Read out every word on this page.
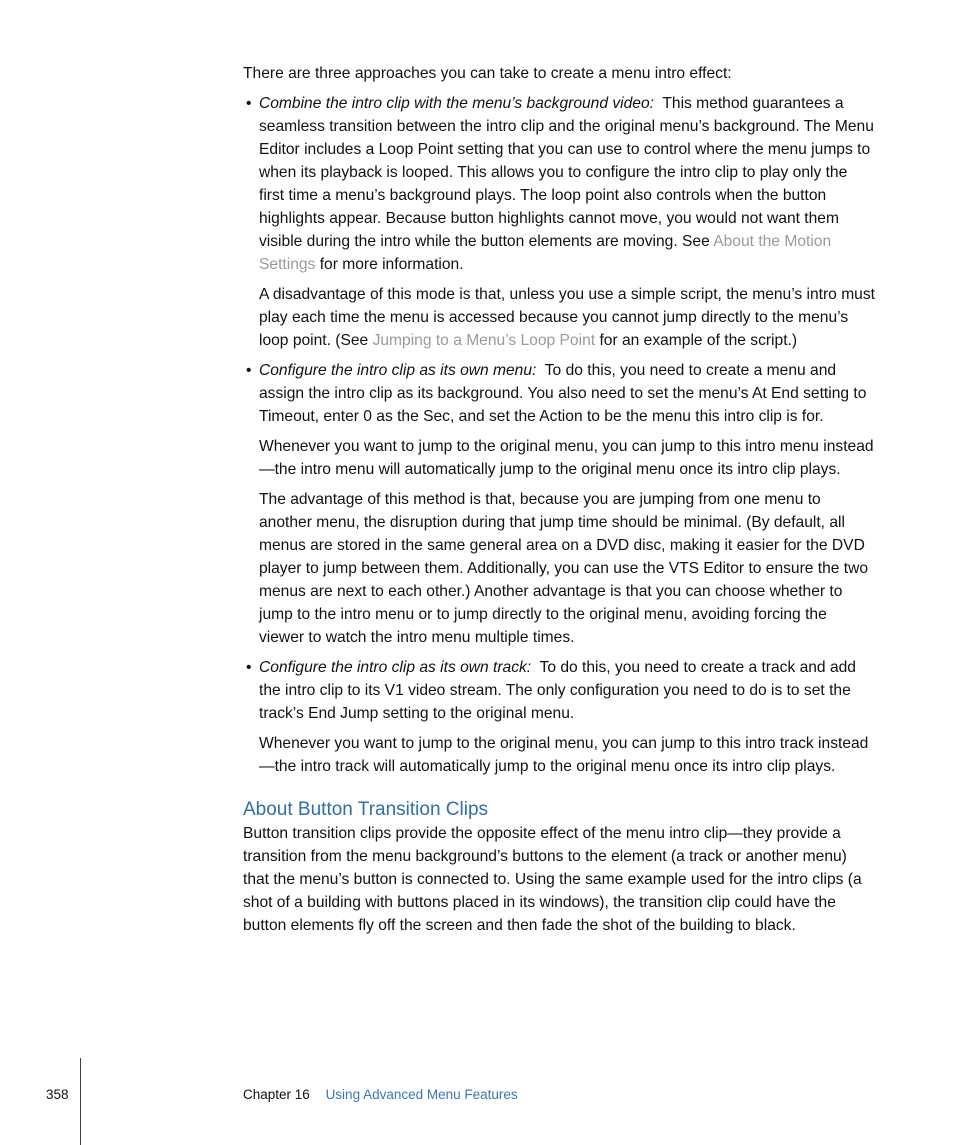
There are three approaches you can take to create a menu intro effect:

• Combine the intro clip with the menu’s background video: This method guarantees a seamless transition between the intro clip and the original menu’s background. The Menu Editor includes a Loop Point setting that you can use to control where the menu jumps to when its playback is looped. This allows you to configure the intro clip to play only the first time a menu’s background plays. The loop point also controls when the button highlights appear. Because button highlights cannot move, you would not want them visible during the intro while the button elements are moving. See About the Motion Settings for more information.

A disadvantage of this mode is that, unless you use a simple script, the menu’s intro must play each time the menu is accessed because you cannot jump directly to the menu’s loop point. (See Jumping to a Menu’s Loop Point for an example of the script.)

• Configure the intro clip as its own menu: To do this, you need to create a menu and assign the intro clip as its background. You also need to set the menu’s At End setting to Timeout, enter 0 as the Sec, and set the Action to be the menu this intro clip is for.

Whenever you want to jump to the original menu, you can jump to this intro menu instead—the intro menu will automatically jump to the original menu once its intro clip plays.

The advantage of this method is that, because you are jumping from one menu to another menu, the disruption during that jump time should be minimal. (By default, all menus are stored in the same general area on a DVD disc, making it easier for the DVD player to jump between them. Additionally, you can use the VTS Editor to ensure the two menus are next to each other.) Another advantage is that you can choose whether to jump to the intro menu or to jump directly to the original menu, avoiding forcing the viewer to watch the intro menu multiple times.

• Configure the intro clip as its own track: To do this, you need to create a track and add the intro clip to its V1 video stream. The only configuration you need to do is to set the track’s End Jump setting to the original menu.

Whenever you want to jump to the original menu, you can jump to this intro track instead—the intro track will automatically jump to the original menu once its intro clip plays.

About Button Transition Clips

Button transition clips provide the opposite effect of the menu intro clip—they provide a transition from the menu background’s buttons to the element (a track or another menu) that the menu’s button is connected to. Using the same example used for the intro clips (a shot of a building with buttons placed in its windows), the transition clip could have the button elements fly off the screen and then fade the shot of the building to black.

358	Chapter 16 Using Advanced Menu Features
